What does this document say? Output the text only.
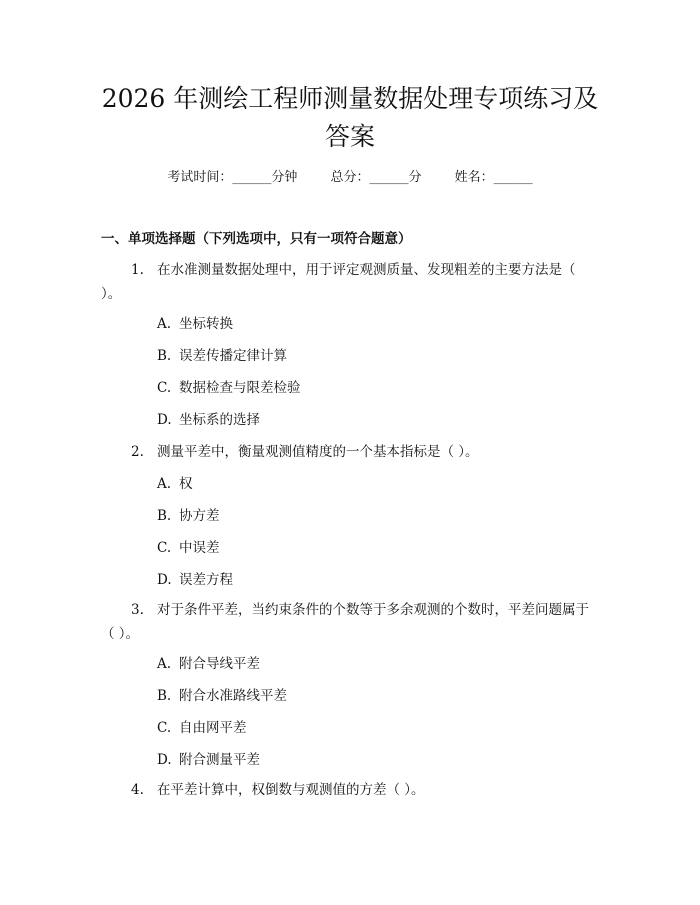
2026 年测绘工程师测量数据处理专项练习及
答案
考试时间：______分钟	总分：______分	姓名：______
一、单项选择题（下列选项中，只有一项符合题意）
1. 在水准测量数据处理中，用于评定观测质量、发现粗差的主要方法是（ ）。
A. 坐标转换
B. 误差传播定律计算
C. 数据检查与限差检验
D. 坐标系的选择
2. 测量平差中，衡量观测值精度的一个基本指标是（ ）。
A. 权
B. 协方差
C. 中误差
D. 误差方程
3. 对于条件平差，当约束条件的个数等于多余观测的个数时，平差问题属于（ ）。
A. 附合导线平差
B. 附合水准路线平差
C. 自由网平差
D. 附合测量平差
4. 在平差计算中，权倒数与观测值的方差（ ）。
